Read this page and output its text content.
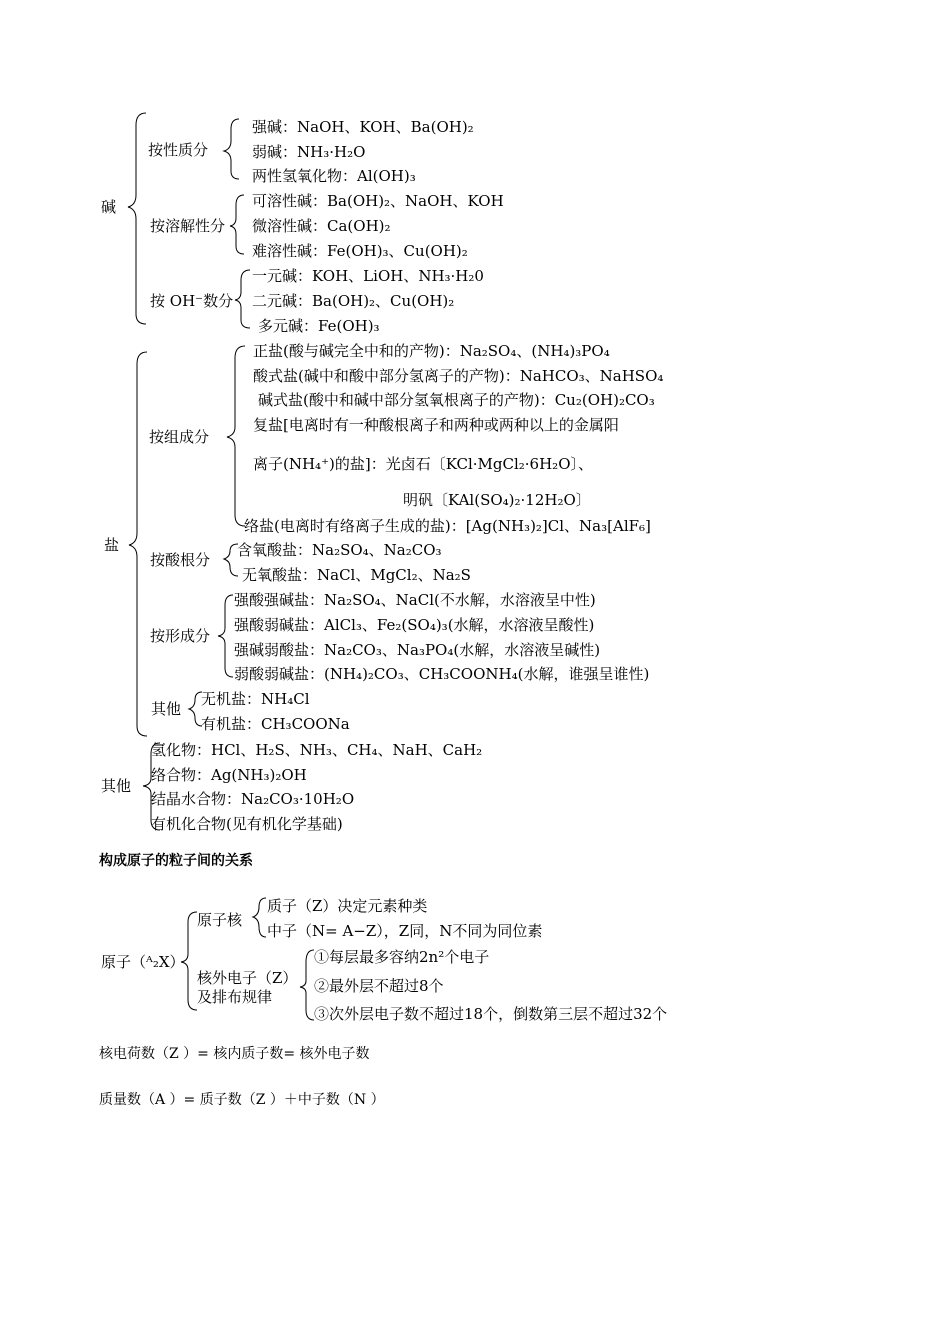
碱
按性质分
强碱：NaOH、KOH、Ba(OH)₂
弱碱：NH₃·H₂O
两性氢氧化物：Al(OH)₃
按溶解性分
可溶性碱：Ba(OH)₂、NaOH、KOH
微溶性碱：Ca(OH)₂
难溶性碱：Fe(OH)₃、Cu(OH)₂
按 OH⁻数分
一元碱：KOH、LiOH、NH₃·H₂0
二元碱：Ba(OH)₂、Cu(OH)₂
多元碱：Fe(OH)₃
盐
按组成分
正盐(酸与碱完全中和的产物)：Na₂SO₄、(NH₄)₃PO₄
酸式盐(碱中和酸中部分氢离子的产物)：NaHCO₃、NaHSO₄
碱式盐(酸中和碱中部分氢氧根离子的产物)：Cu₂(OH)₂CO₃
复盐[电离时有一种酸根离子和两种或两种以上的金属阳
离子(NH₄⁺)的盐]：光卤石〔KCl·MgCl₂·6H₂O〕、
明矾〔KAl(SO₄)₂·12H₂O〕
络盐(电离时有络离子生成的盐)：[Ag(NH₃)₂]Cl、Na₃[AlF₆]
按酸根分
含氧酸盐：Na₂SO₄、Na₂CO₃
无氧酸盐：NaCl、MgCl₂、Na₂S
按形成分
强酸强碱盐：Na₂SO₄、NaCl(不水解，水溶液呈中性)
强酸弱碱盐：AlCl₃、Fe₂(SO₄)₃(水解，水溶液呈酸性)
强碱弱酸盐：Na₂CO₃、Na₃PO₄(水解，水溶液呈碱性)
弱酸弱碱盐：(NH₄)₂CO₃、CH₃COONH₄(水解，谁强呈谁性)
其他
无机盐：NH₄Cl
有机盐：CH₃COONa
其他
氢化物：HCl、H₂S、NH₃、CH₄、NaH、CaH₂
络合物：Ag(NH₃)₂OH
结晶水合物：Na₂CO₃·10H₂O
有机化合物(见有机化学基础)
构成原子的粒子间的关系
原子（ᴬ₂X）
原子核
质子（Z）决定元素种类
中子（N= A−Z），Z同，N不同为同位素
核外电子（Z）
及排布规律
①每层最多容纳2n²个电子
②最外层不超过8个
③次外层电子数不超过18个，倒数第三层不超过32个
核电荷数（Z ）= 核内质子数= 核外电子数
质量数（A ）= 质子数（Z ）＋中子数（N ）
